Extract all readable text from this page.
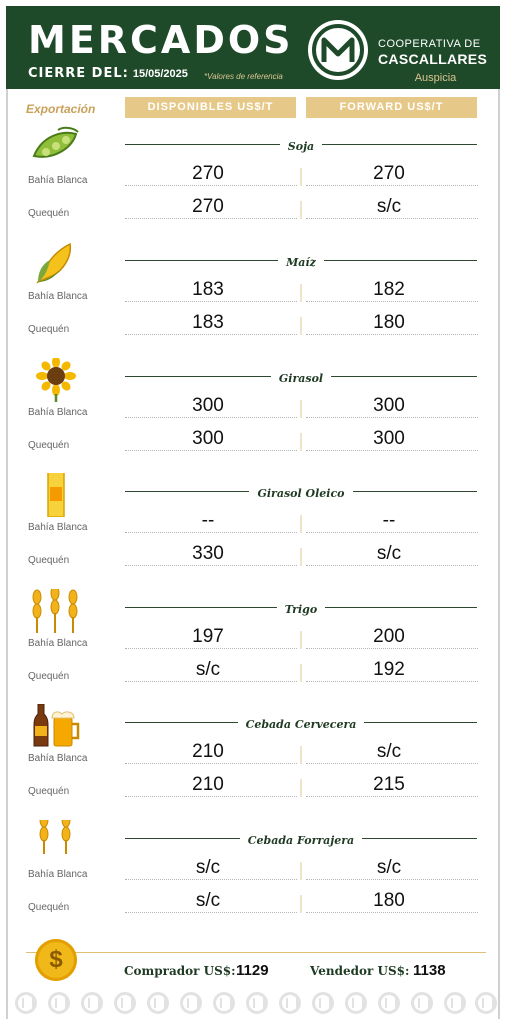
MERCADOS
CIERRE DEL: 15/05/2025 *Valores de referencia
COOPERATIVA DE
CASCALLARES
Auspicia
Exportación	DISPONIBLES US$/T	FORWARD US$/T
Soja
Bahía Blanca	270	270
Quequén	270	s/c
Maíz
Bahía Blanca	183	182
Quequén	183	180
Girasol
Bahía Blanca	300	300
Quequén	300	300
Girasol Oleico
Bahía Blanca	--	--
Quequén	330	s/c
Trigo
Bahía Blanca	197	200
Quequén	s/c	192
Cebada Cervecera
Bahía Blanca	210	s/c
Quequén	210	215
Cebada Forrajera
Bahía Blanca	s/c	s/c
Quequén	s/c	180
$	Comprador US$: 1129	Vendedor US$: 1138
